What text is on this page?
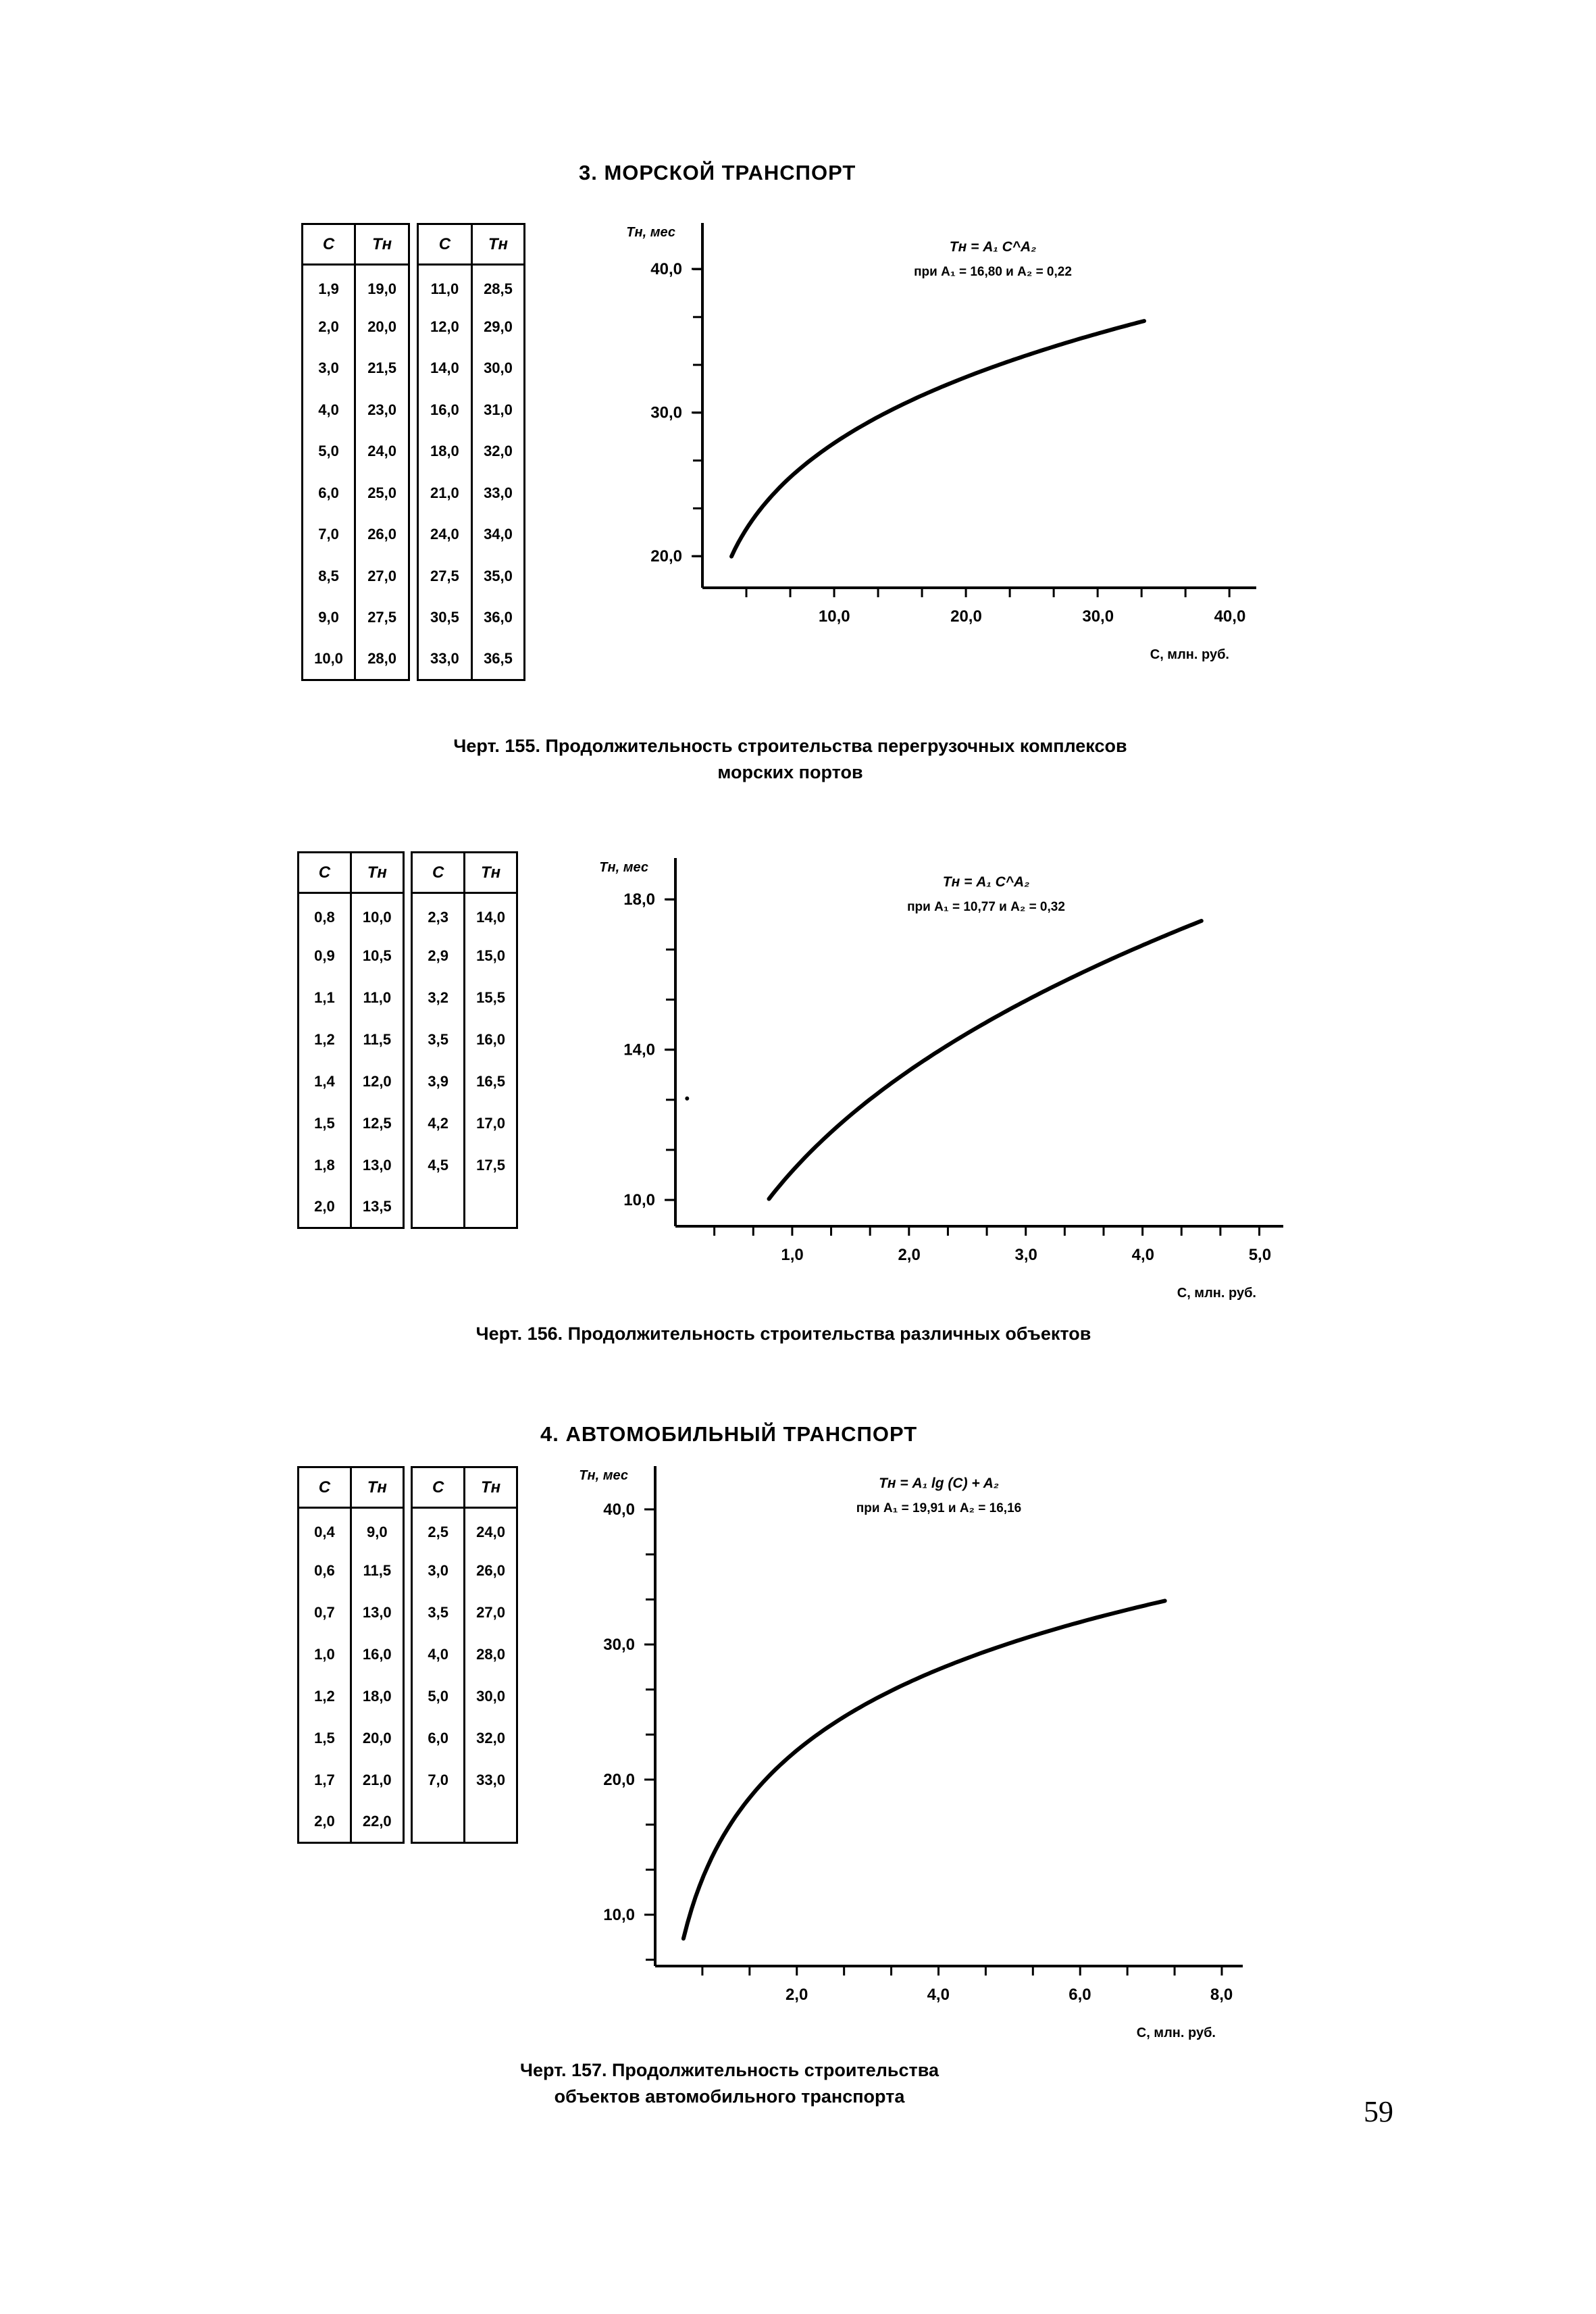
3. МОРСКОЙ ТРАНСПОРТ
C	Tн		C	Tн
1,9	19,0		11,0	28,5
2,0	20,0		12,0	29,0
3,0	21,5		14,0	30,0
4,0	23,0		16,0	31,0
5,0	24,0		18,0	32,0
6,0	25,0		21,0	33,0
7,0	26,0		24,0	34,0
8,5	27,0		27,5	35,0
9,0	27,5		30,5	36,0
10,0	28,0		33,0	36,5
10,0	20,0	30,0	40,0
20,0
30,0
40,0
Tн, мес
C, млн. руб.
Tн = A₁ C^A₂
при A₁ = 16,80 и A₂ = 0,22
Черт. 155. Продолжительность строительства перегрузочных комплексов
морских портов
C	Tн		C	Tн
0,8	10,0		2,3	14,0
0,9	10,5		2,9	15,0
1,1	11,0		3,2	15,5
1,2	11,5		3,5	16,0
1,4	12,0		3,9	16,5
1,5	12,5		4,2	17,0
1,8	13,0		4,5	17,5
2,0	13,5			
1,0	2,0	3,0	4,0	5,0
10,0
14,0
18,0
Tн, мес
C, млн. руб.
Tн = A₁ C^A₂
при A₁ = 10,77 и A₂ = 0,32
Черт. 156. Продолжительность строительства различных объектов
4. АВТОМОБИЛЬНЫЙ ТРАНСПОРТ
C	Tн		C	Tн
0,4	9,0		2,5	24,0
0,6	11,5		3,0	26,0
0,7	13,0		3,5	27,0
1,0	16,0		4,0	28,0
1,2	18,0		5,0	30,0
1,5	20,0		6,0	32,0
1,7	21,0		7,0	33,0
2,0	22,0			
2,0	4,0	6,0	8,0
10,0
20,0
30,0
40,0
Tн, мес
C, млн. руб.
Tн = A₁ lg (C) + A₂
при A₁ = 19,91 и A₂ = 16,16
Черт. 157. Продолжительность строительства
объектов автомобильного транспорта	59
